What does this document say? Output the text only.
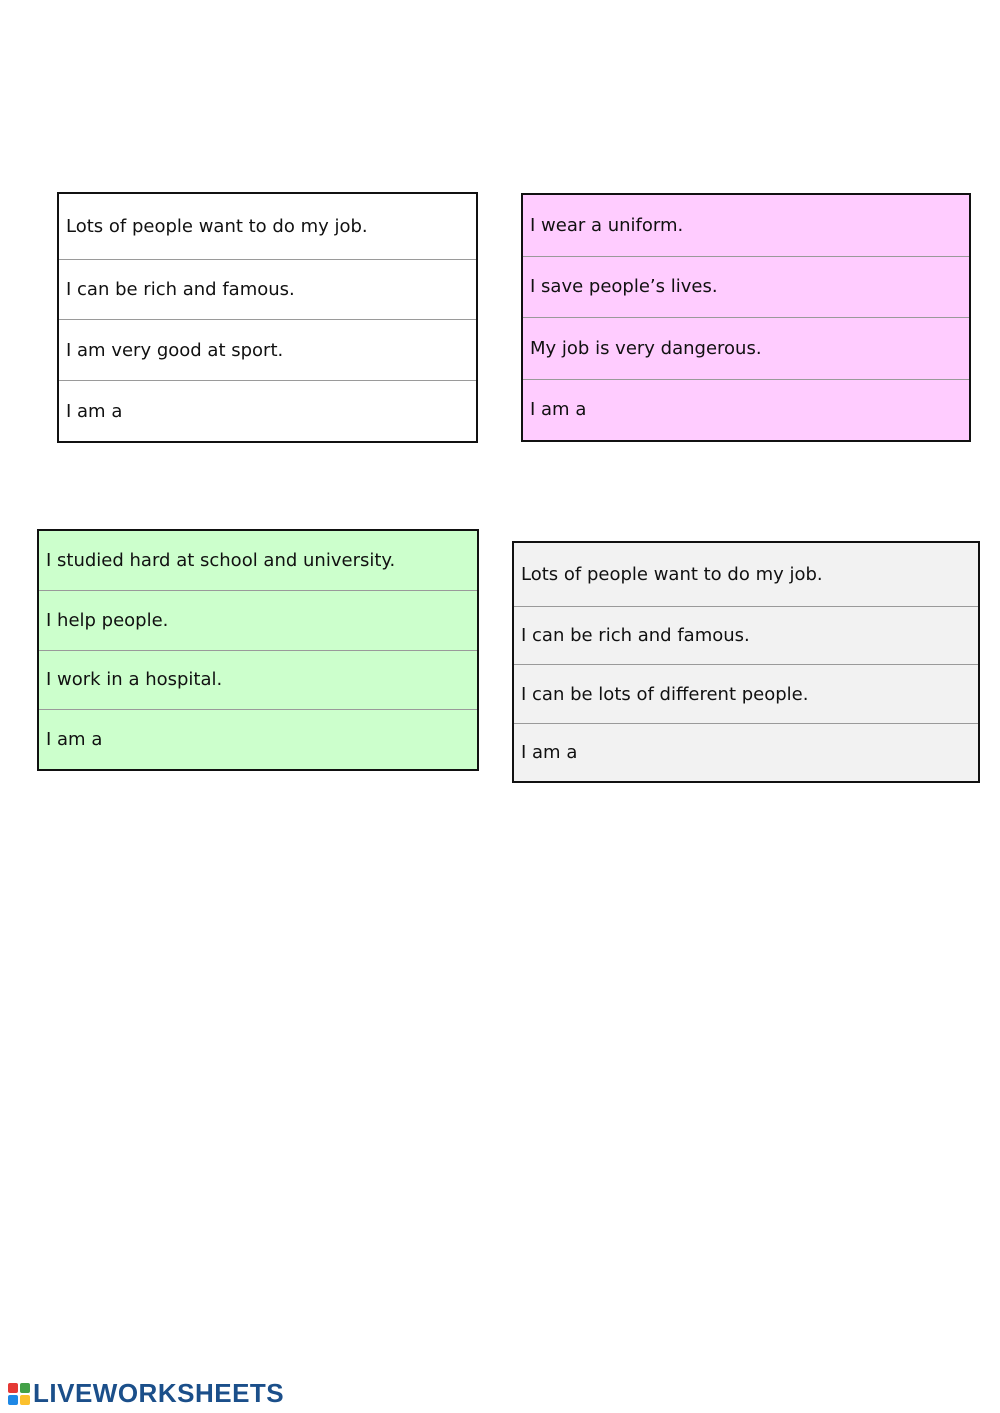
Lots of people want to do my job.
I can be rich and famous.
I am very good at sport.
I am a
I wear a uniform.
I save people’s lives.
My job is very dangerous.
I am a
I studied hard at school and university.
I help people.
I work in a hospital.
I am a
Lots of people want to do my job.
I can be rich and famous.
I can be lots of different people.
I am a
LIVEWORKSHEETS
